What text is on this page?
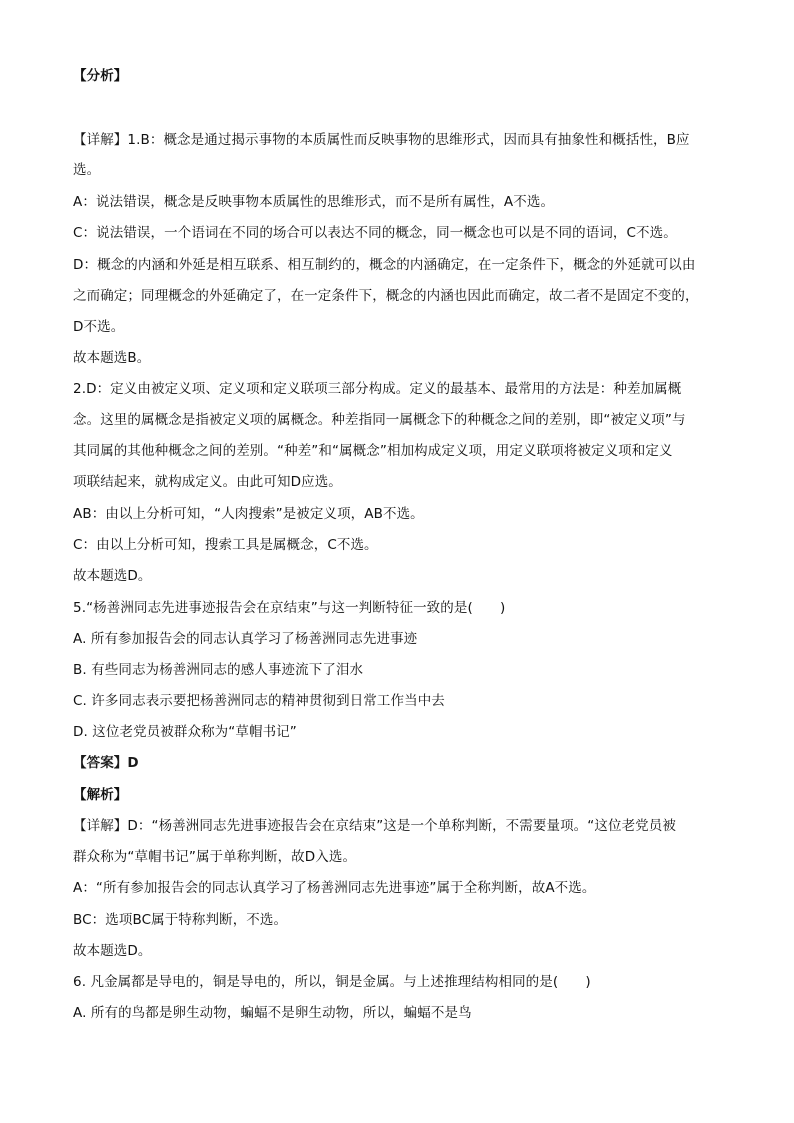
【分析】
【详解】1.B：概念是通过揭示事物的本质属性而反映事物的思维形式，因而具有抽象性和概括性，B应
选。
A：说法错误，概念是反映事物本质属性的思维形式，而不是所有属性，A不选。
C：说法错误，一个语词在不同的场合可以表达不同的概念，同一概念也可以是不同的语词，C不选。
D：概念的内涵和外延是相互联系、相互制约的，概念的内涵确定，在一定条件下，概念的外延就可以由
之而确定；同理概念的外延确定了，在一定条件下，概念的内涵也因此而确定，故二者不是固定不变的，
D不选。
故本题选B。
2.D：定义由被定义项、定义项和定义联项三部分构成。定义的最基本、最常用的方法是：种差加属概
念。这里的属概念是指被定义项的属概念。种差指同一属概念下的种概念之间的差别，即“被定义项”与
其同属的其他种概念之间的差别。“种差”和“属概念”相加构成定义项，用定义联项将被定义项和定义
项联结起来，就构成定义。由此可知D应选。
AB：由以上分析可知，“人肉搜索”是被定义项，AB不选。
C：由以上分析可知，搜索工具是属概念，C不选。
故本题选D。
5.“杨善洲同志先进事迹报告会在京结束”与这一判断特征一致的是(　　)
A. 所有参加报告会的同志认真学习了杨善洲同志先进事迹
B. 有些同志为杨善洲同志的感人事迹流下了泪水
C. 许多同志表示要把杨善洲同志的精神贯彻到日常工作当中去
D. 这位老党员被群众称为“草帽书记”
【答案】D
【解析】
【详解】D：“杨善洲同志先进事迹报告会在京结束”这是一个单称判断，不需要量项。“这位老党员被
群众称为“草帽书记”属于单称判断，故D入选。
A：“所有参加报告会的同志认真学习了杨善洲同志先进事迹”属于全称判断，故A不选。
BC：选项BC属于特称判断，不选。
故本题选D。
6. 凡金属都是导电的，铜是导电的，所以，铜是金属。与上述推理结构相同的是(　　)
A. 所有的鸟都是卵生动物，蝙蝠不是卵生动物，所以，蝙蝠不是鸟
